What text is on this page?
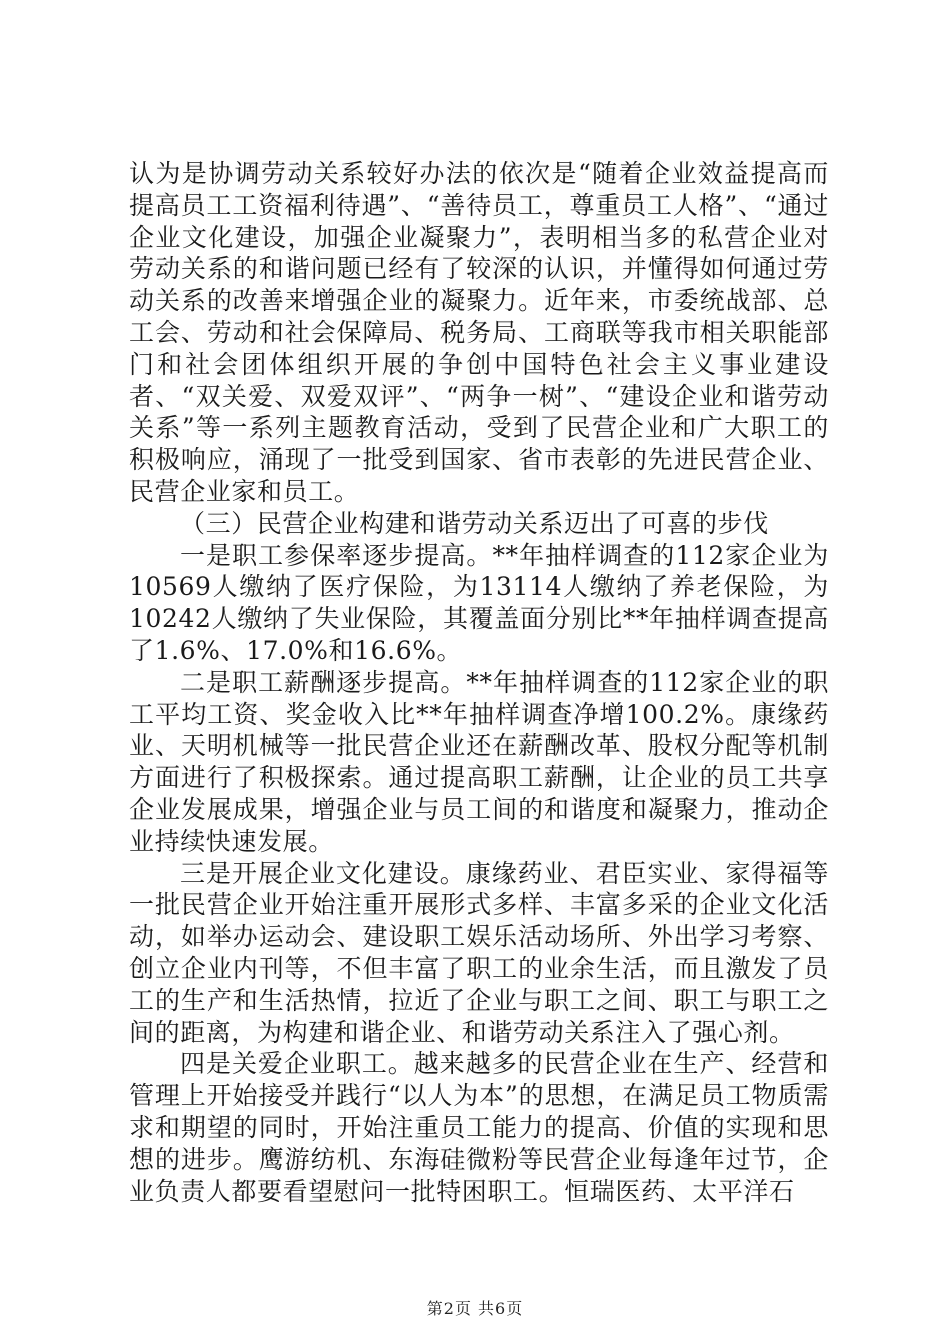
认为是协调劳动关系较好办法的依次是“随着企业效益提高而提高员工工资福利待遇”、“善待员工，尊重员工人格”、“通过企业文化建设，加强企业凝聚力”，表明相当多的私营企业对劳动关系的和谐问题已经有了较深的认识，并懂得如何通过劳动关系的改善来增强企业的凝聚力。近年来，市委统战部、总工会、劳动和社会保障局、税务局、工商联等我市相关职能部门和社会团体组织开展的争创中国特色社会主义事业建设者、“双关爱、双爱双评”、“两争一树”、“建设企业和谐劳动关系”等一系列主题教育活动，受到了民营企业和广大职工的积极响应，涌现了一批受到国家、省市表彰的先进民营企业、民营企业家和员工。

（三）民营企业构建和谐劳动关系迈出了可喜的步伐

一是职工参保率逐步提高。**年抽样调查的112家企业为10569人缴纳了医疗保险，为13114人缴纳了养老保险，为10242人缴纳了失业保险，其覆盖面分别比**年抽样调查提高了1.6%、17.0%和16.6%。

二是职工薪酬逐步提高。**年抽样调查的112家企业的职工平均工资、奖金收入比**年抽样调查净增100.2%。康缘药业、天明机械等一批民营企业还在薪酬改革、股权分配等机制方面进行了积极探索。通过提高职工薪酬，让企业的员工共享企业发展成果，增强企业与员工间的和谐度和凝聚力，推动企业持续快速发展。

三是开展企业文化建设。康缘药业、君臣实业、家得福等一批民营企业开始注重开展形式多样、丰富多采的企业文化活动，如举办运动会、建设职工娱乐活动场所、外出学习考察、创立企业内刊等，不但丰富了职工的业余生活，而且激发了员工的生产和生活热情，拉近了企业与职工之间、职工与职工之间的距离，为构建和谐企业、和谐劳动关系注入了强心剂。

四是关爱企业职工。越来越多的民营企业在生产、经营和管理上开始接受并践行“以人为本”的思想，在满足员工物质需求和期望的同时，开始注重员工能力的提高、价值的实现和思想的进步。鹰游纺机、东海硅微粉等民营企业每逢年过节，企业负责人都要看望慰问一批特困职工。恒瑞医药、太平洋石

第2页 共6页
